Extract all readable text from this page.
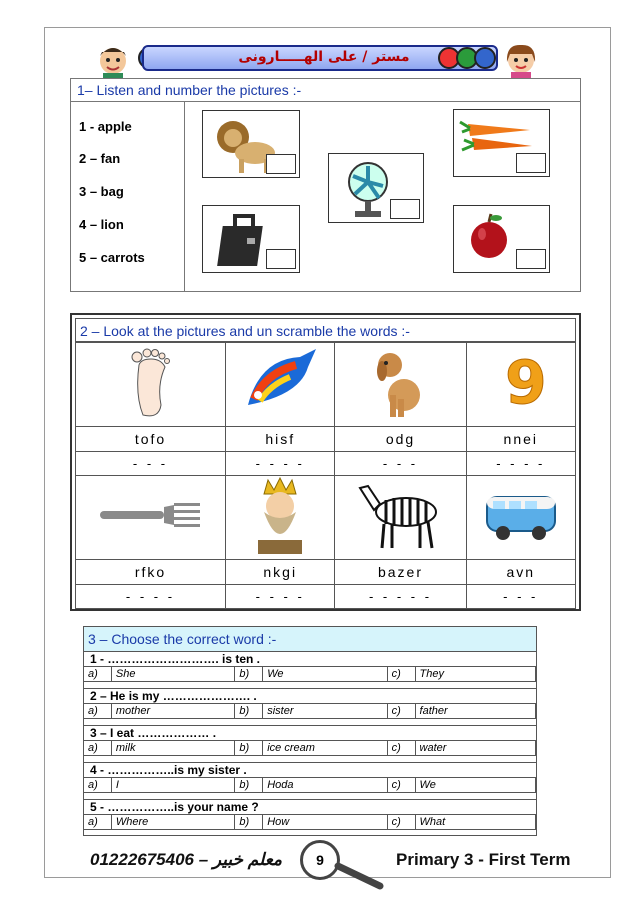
مستر / على الهـــــارونى
1– Listen and number the pictures :-
1 - apple
2 – fan
3 – bag
4 – lion
5 – carrots
2 – Look at the pictures and un scramble the words :-

9

tofo	hisf	odg	nnei
- - -	- - - -	- - -	- - - -

rfko	nkgi	bazer	avn
- - - -	- - - -	- - - - -	- - -
3 – Choose the correct word :-
1 - ………………………. is ten .
a)	She	b)	We	c)	They
2 – He is my …………………. .
a)	mother	b)	sister	c)	father
3 – I eat ……………… .
a)	milk	b)	ice cream	c)	water
4 - ……………..is my sister .
a)	I	b)	Hoda	c)	We
5 - ……………..is your name ?
a)	Where	b)	How	c)	What
01222675406 – معلم خبير	9	Primary 3 - First Term
